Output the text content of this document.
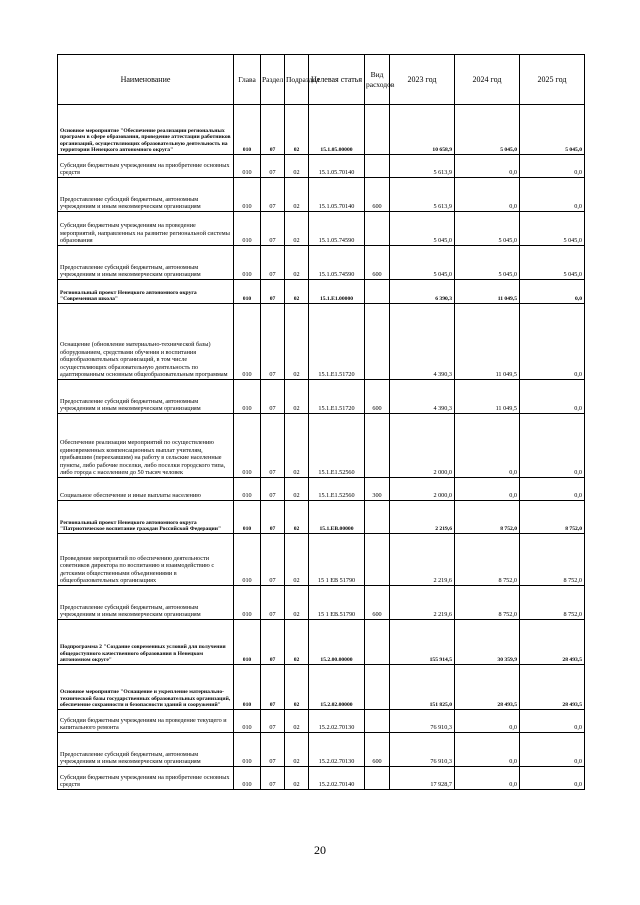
Наименование	Глава	Раздел	Подраздел	Целевая статья	Вид расходов	2023 год	2024 год	2025 год
Основное мероприятие "Обеспечение реализации региональных программ в сфере образования, проведение аттестации работников организаций, осуществляющих образовательную деятельность на территории Ненецкого автономного округа"	010	07	02	15.1.05.00000		10 658,9	5 045,0	5 045,0
Субсидии бюджетным учреждениям на приобретение основных средств	010	07	02	15.1.05.70140		5 613,9	0,0	0,0
Предоставление субсидий бюджетным, автономным учреждениям и иным некоммерческим организациям	010	07	02	15.1.05.70140	600	5 613,9	0,0	0,0
Субсидии бюджетным учреждениям на проведение мероприятий, направленных на развитие региональной системы образования	010	07	02	15.1.05.74590		5 045,0	5 045,0	5 045,0
Предоставление субсидий бюджетным, автономным учреждениям и иным некоммерческим организациям	010	07	02	15.1.05.74590	600	5 045,0	5 045,0	5 045,0
Региональный проект Ненецкого автономного округа "Современная школа"	010	07	02	15.1.Е1.00000		6 390,3	11 049,5	0,0
Оснащение (обновление материально-технической базы) оборудованием, средствами обучения и воспитания общеобразовательных организаций, в том числе осуществляющих образовательную деятельность по адаптированным основным общеобразовательным программам	010	07	02	15.1.Е1.51720		4 390,3	11 049,5	0,0
Предоставление субсидий бюджетным, автономным учреждениям и иным некоммерческим организациям	010	07	02	15.1.Е1.51720	600	4 390,3	11 049,5	0,0
Обеспечение реализации мероприятий по осуществлению единовременных компенсационных выплат учителям, прибывшим (переехавшим) на работу в сельские населенные пункты, либо рабочие поселки, либо поселки городского типа, либо города с населением до 50 тысяч человек	010	07	02	15.1.Е1.52560		2 000,0	0,0	0,0
Социальное обеспечение и иные выплаты населению	010	07	02	15.1.Е1.52560	300	2 000,0	0,0	0,0
Региональный проект Ненецкого автономного округа "Патриотическое воспитание граждан Российской Федерации"	010	07	02	15.1.ЕВ.00000		2 219,6	8 752,0	8 752,0
Проведение мероприятий по обеспечению деятельности советников директора по воспитанию и взаимодействию с детскими общественными объединениями в общеобразовательных организациях	010	07	02	15 1 ЕВ 51790		2 219,6	8 752,0	8 752,0
Предоставление субсидий бюджетным, автономным учреждениям и иным некоммерческим организациям	010	07	02	15 1 ЕВ.51790	600	2 219,6	8 752,0	8 752,0
Подпрограмма 2 "Создание современных условий для получения общедоступного качественного образования в Ненецком автономном округе"	010	07	02	15.2.00.00000		155 914,5	30 359,9	28 493,5
Основное мероприятие "Оснащение и укрепление материально-технической базы государственных образовательных организаций, обеспечение сохранности и безопасности зданий и сооружений"	010	07	02	15.2.02.00000		151 825,0	28 493,5	28 493,5
Субсидии бюджетным учреждениям на проведение текущего и капитального ремонта	010	07	02	15.2.02.70130		76 910,3	0,0	0,0
Предоставление субсидий бюджетным, автономным учреждениям и иным некоммерческим организациям	010	07	02	15.2.02.70130	600	76 910,3	0,0	0,0
Субсидии бюджетным учреждениям на приобретение основных средств	010	07	02	15.2.02.70140		17 928,7	0,0	0,0
20
